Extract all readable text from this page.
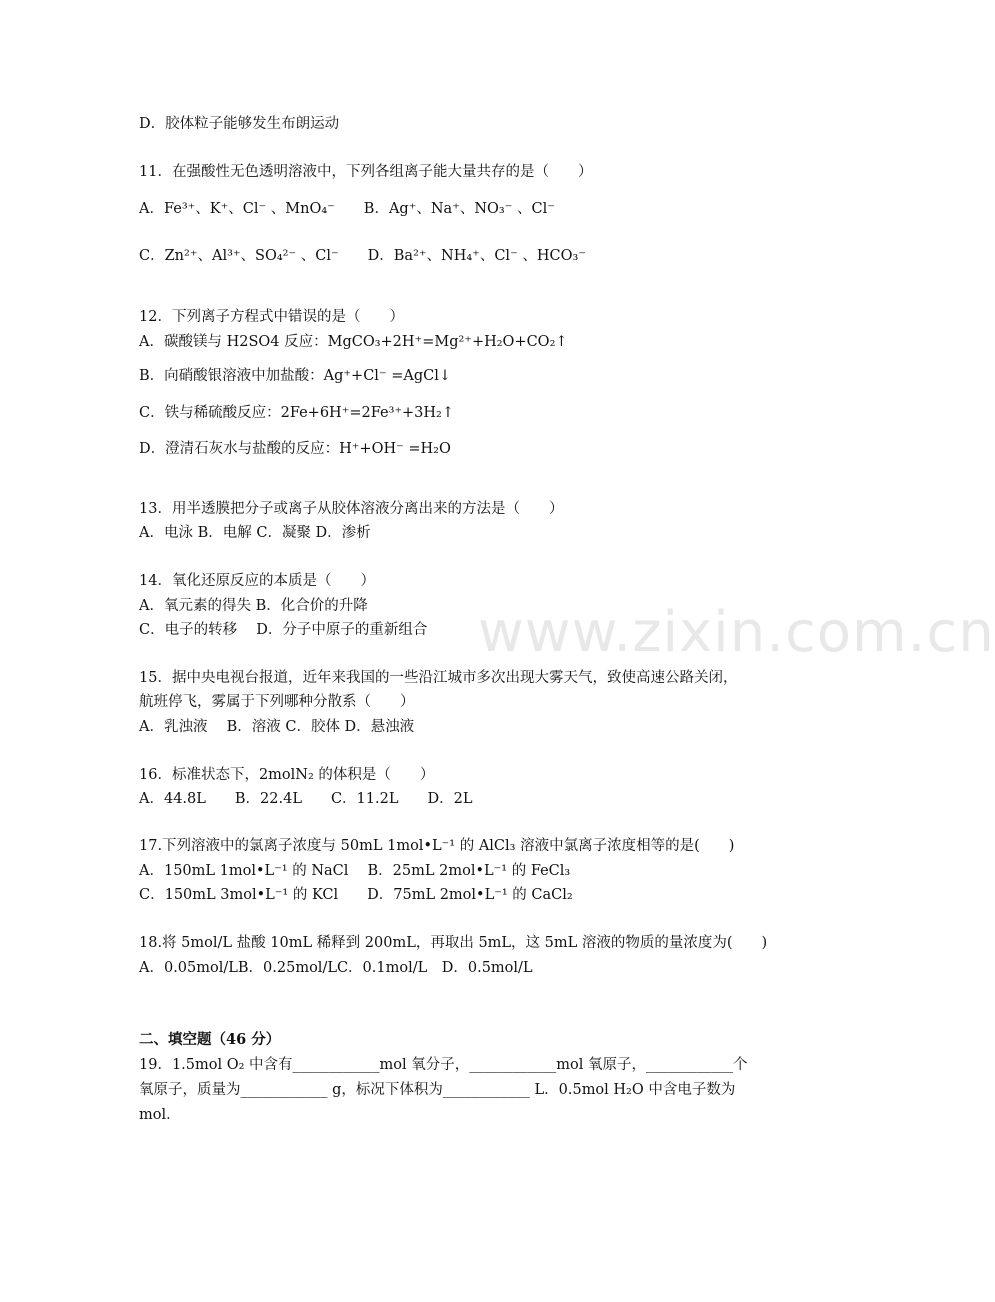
www.zixin.com.cn
D．胶体粒子能够发生布朗运动
11．在强酸性无色透明溶液中，下列各组离子能大量共存的是（　　）
A．Fe³⁺、K⁺、Cl⁻ 、MnO₄⁻　　B．Ag⁺、Na⁺、NO₃⁻ 、Cl⁻
C．Zn²⁺、Al³⁺、SO₄²⁻ 、Cl⁻　　D．Ba²⁺、NH₄⁺、Cl⁻ 、HCO₃⁻
12．下列离子方程式中错误的是（　　）
A．碳酸镁与 H2SO4 反应：MgCO₃+2H⁺=Mg²⁺+H₂O+CO₂↑
B．向硝酸银溶液中加盐酸：Ag⁺+Cl⁻ =AgCl↓
C．铁与稀硫酸反应：2Fe+6H⁺=2Fe³⁺+3H₂↑
D．澄清石灰水与盐酸的反应：H⁺+OH⁻ =H₂O
13．用半透膜把分子或离子从胶体溶液分离出来的方法是（　　）
A．电泳 B．电解 C．凝聚 D．渗析
14．氧化还原反应的本质是（　　）
A．氧元素的得失 B．化合价的升降
C．电子的转移　 D．分子中原子的重新组合
15．据中央电视台报道，近年来我国的一些沿江城市多次出现大雾天气，致使高速公路关闭，
航班停飞，雾属于下列哪种分散系（　　）
A．乳浊液　 B．溶液 C．胶体 D．悬浊液
16．标准状态下，2molN₂ 的体积是（　　）
A．44.8L　　B．22.4L　　C．11.2L　　D．2L
17.下列溶液中的氯离子浓度与 50mL 1mol•L⁻¹ 的 AlCl₃ 溶液中氯离子浓度相等的是(　　)
A．150mL 1mol•L⁻¹ 的 NaCl　 B．25mL 2mol•L⁻¹ 的 FeCl₃
C．150mL 3mol•L⁻¹ 的 KCl　　D．75mL 2mol•L⁻¹ 的 CaCl₂
18.将 5mol/L 盐酸 10mL 稀释到 200mL，再取出 5mL，这 5mL 溶液的物质的量浓度为(　　)
A．0.05mol/LB．0.25mol/LC．0.1mol/L　D．0.5mol/L
二、填空题（46 分）
19．1.5mol O₂ 中含有____________mol 氧分子，____________mol 氧原子，____________个
氧原子，质量为____________ g，标况下体积为____________ L．0.5mol H₂O 中含电子数为
mol．
